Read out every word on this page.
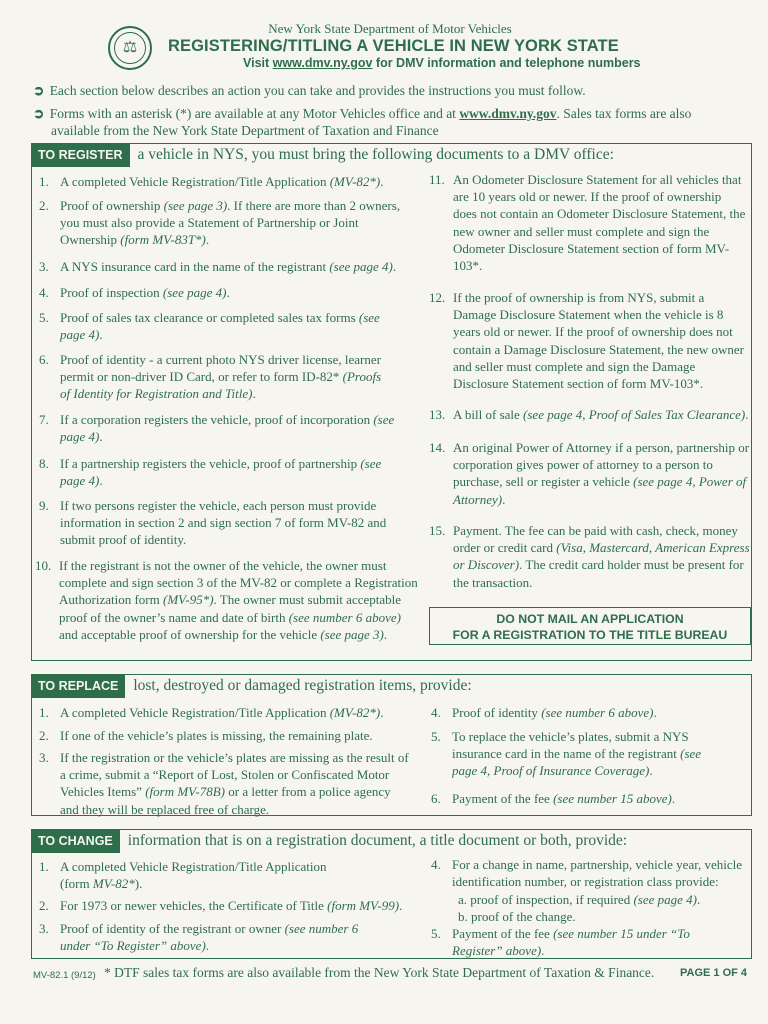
⚖
New York State Department of Motor Vehicles
REGISTERING/TITLING A VEHICLE IN NEW YORK STATE
Visit www.dmv.ny.gov for DMV information and telephone numbers
➲ Each section below describes an action you can take and provides the instructions you must follow.
➲ Forms with an asterisk (*) are available at any Motor Vehicles office and at www.dmv.ny.gov. Sales tax forms are also
available from the New York State Department of Taxation and Finance
TO REGISTER a vehicle in NYS, you must bring the following documents to a DMV office:
1. A completed Vehicle Registration/Title Application (MV-82*).
2. Proof of ownership (see page 3). If there are more than 2 owners, you must also provide a Statement of Partnership or Joint Ownership (form MV-83T*).
3. A NYS insurance card in the name of the registrant (see page 4).
4. Proof of inspection (see page 4).
5. Proof of sales tax clearance or completed sales tax forms (see page 4).
6. Proof of identity - a current photo NYS driver license, learner permit or non-driver ID Card, or refer to form ID-82* (Proofs of Identity for Registration and Title).
7. If a corporation registers the vehicle, proof of incorporation (see page 4).
8. If a partnership registers the vehicle, proof of partnership (see page 4).
9. If two persons register the vehicle, each person must provide information in section 2 and sign section 7 of form MV-82 and submit proof of identity.
10. If the registrant is not the owner of the vehicle, the owner must complete and sign section 3 of the MV-82 or complete a Registration Authorization form (MV-95*). The owner must submit acceptable proof of the owner’s name and date of birth (see number 6 above) and acceptable proof of ownership for the vehicle (see page 3).
11. An Odometer Disclosure Statement for all vehicles that are 10 years old or newer. If the proof of ownership does not contain an Odometer Disclosure Statement, the new owner and seller must complete and sign the Odometer Disclosure Statement section of form MV-103*.
12. If the proof of ownership is from NYS, submit a Damage Disclosure Statement when the vehicle is 8 years old or newer. If the proof of ownership does not contain a Damage Disclosure Statement, the new owner and seller must complete and sign the Damage Disclosure Statement section of form MV-103*.
13. A bill of sale (see page 4, Proof of Sales Tax Clearance).
14. An original Power of Attorney if a person, partnership or corporation gives power of attorney to a person to purchase, sell or register a vehicle (see page 4, Power of Attorney).
15. Payment. The fee can be paid with cash, check, money order or credit card (Visa, Mastercard, American Express or Discover). The credit card holder must be present for the transaction.
DO NOT MAIL AN APPLICATION
FOR A REGISTRATION TO THE TITLE BUREAU
TO REPLACE lost, destroyed or damaged registration items, provide:
1. A completed Vehicle Registration/Title Application (MV-82*).
2. If one of the vehicle’s plates is missing, the remaining plate.
3. If the registration or the vehicle’s plates are missing as the result of a crime, submit a “Report of Lost, Stolen or Confiscated Motor Vehicles Items” (form MV-78B) or a letter from a police agency and they will be replaced free of charge.
4. Proof of identity (see number 6 above).
5. To replace the vehicle’s plates, submit a NYS insurance card in the name of the registrant (see page 4, Proof of Insurance Coverage).
6. Payment of the fee (see number 15 above).
TO CHANGE information that is on a registration document, a title document or both, provide:
1. A completed Vehicle Registration/Title Application (form MV-82*).
2. For 1973 or newer vehicles, the Certificate of Title (form MV-99).
3. Proof of identity of the registrant or owner (see number 6 under “To Register” above).
4. For a change in name, partnership, vehicle year, vehicle identification number, or registration class provide:
a. proof of inspection, if required (see page 4).
b. proof of the change.
5. Payment of the fee (see number 15 under “To Register” above).
MV-82.1 (9/12) * DTF sales tax forms are also available from the New York State Department of Taxation & Finance. PAGE 1 OF 4
